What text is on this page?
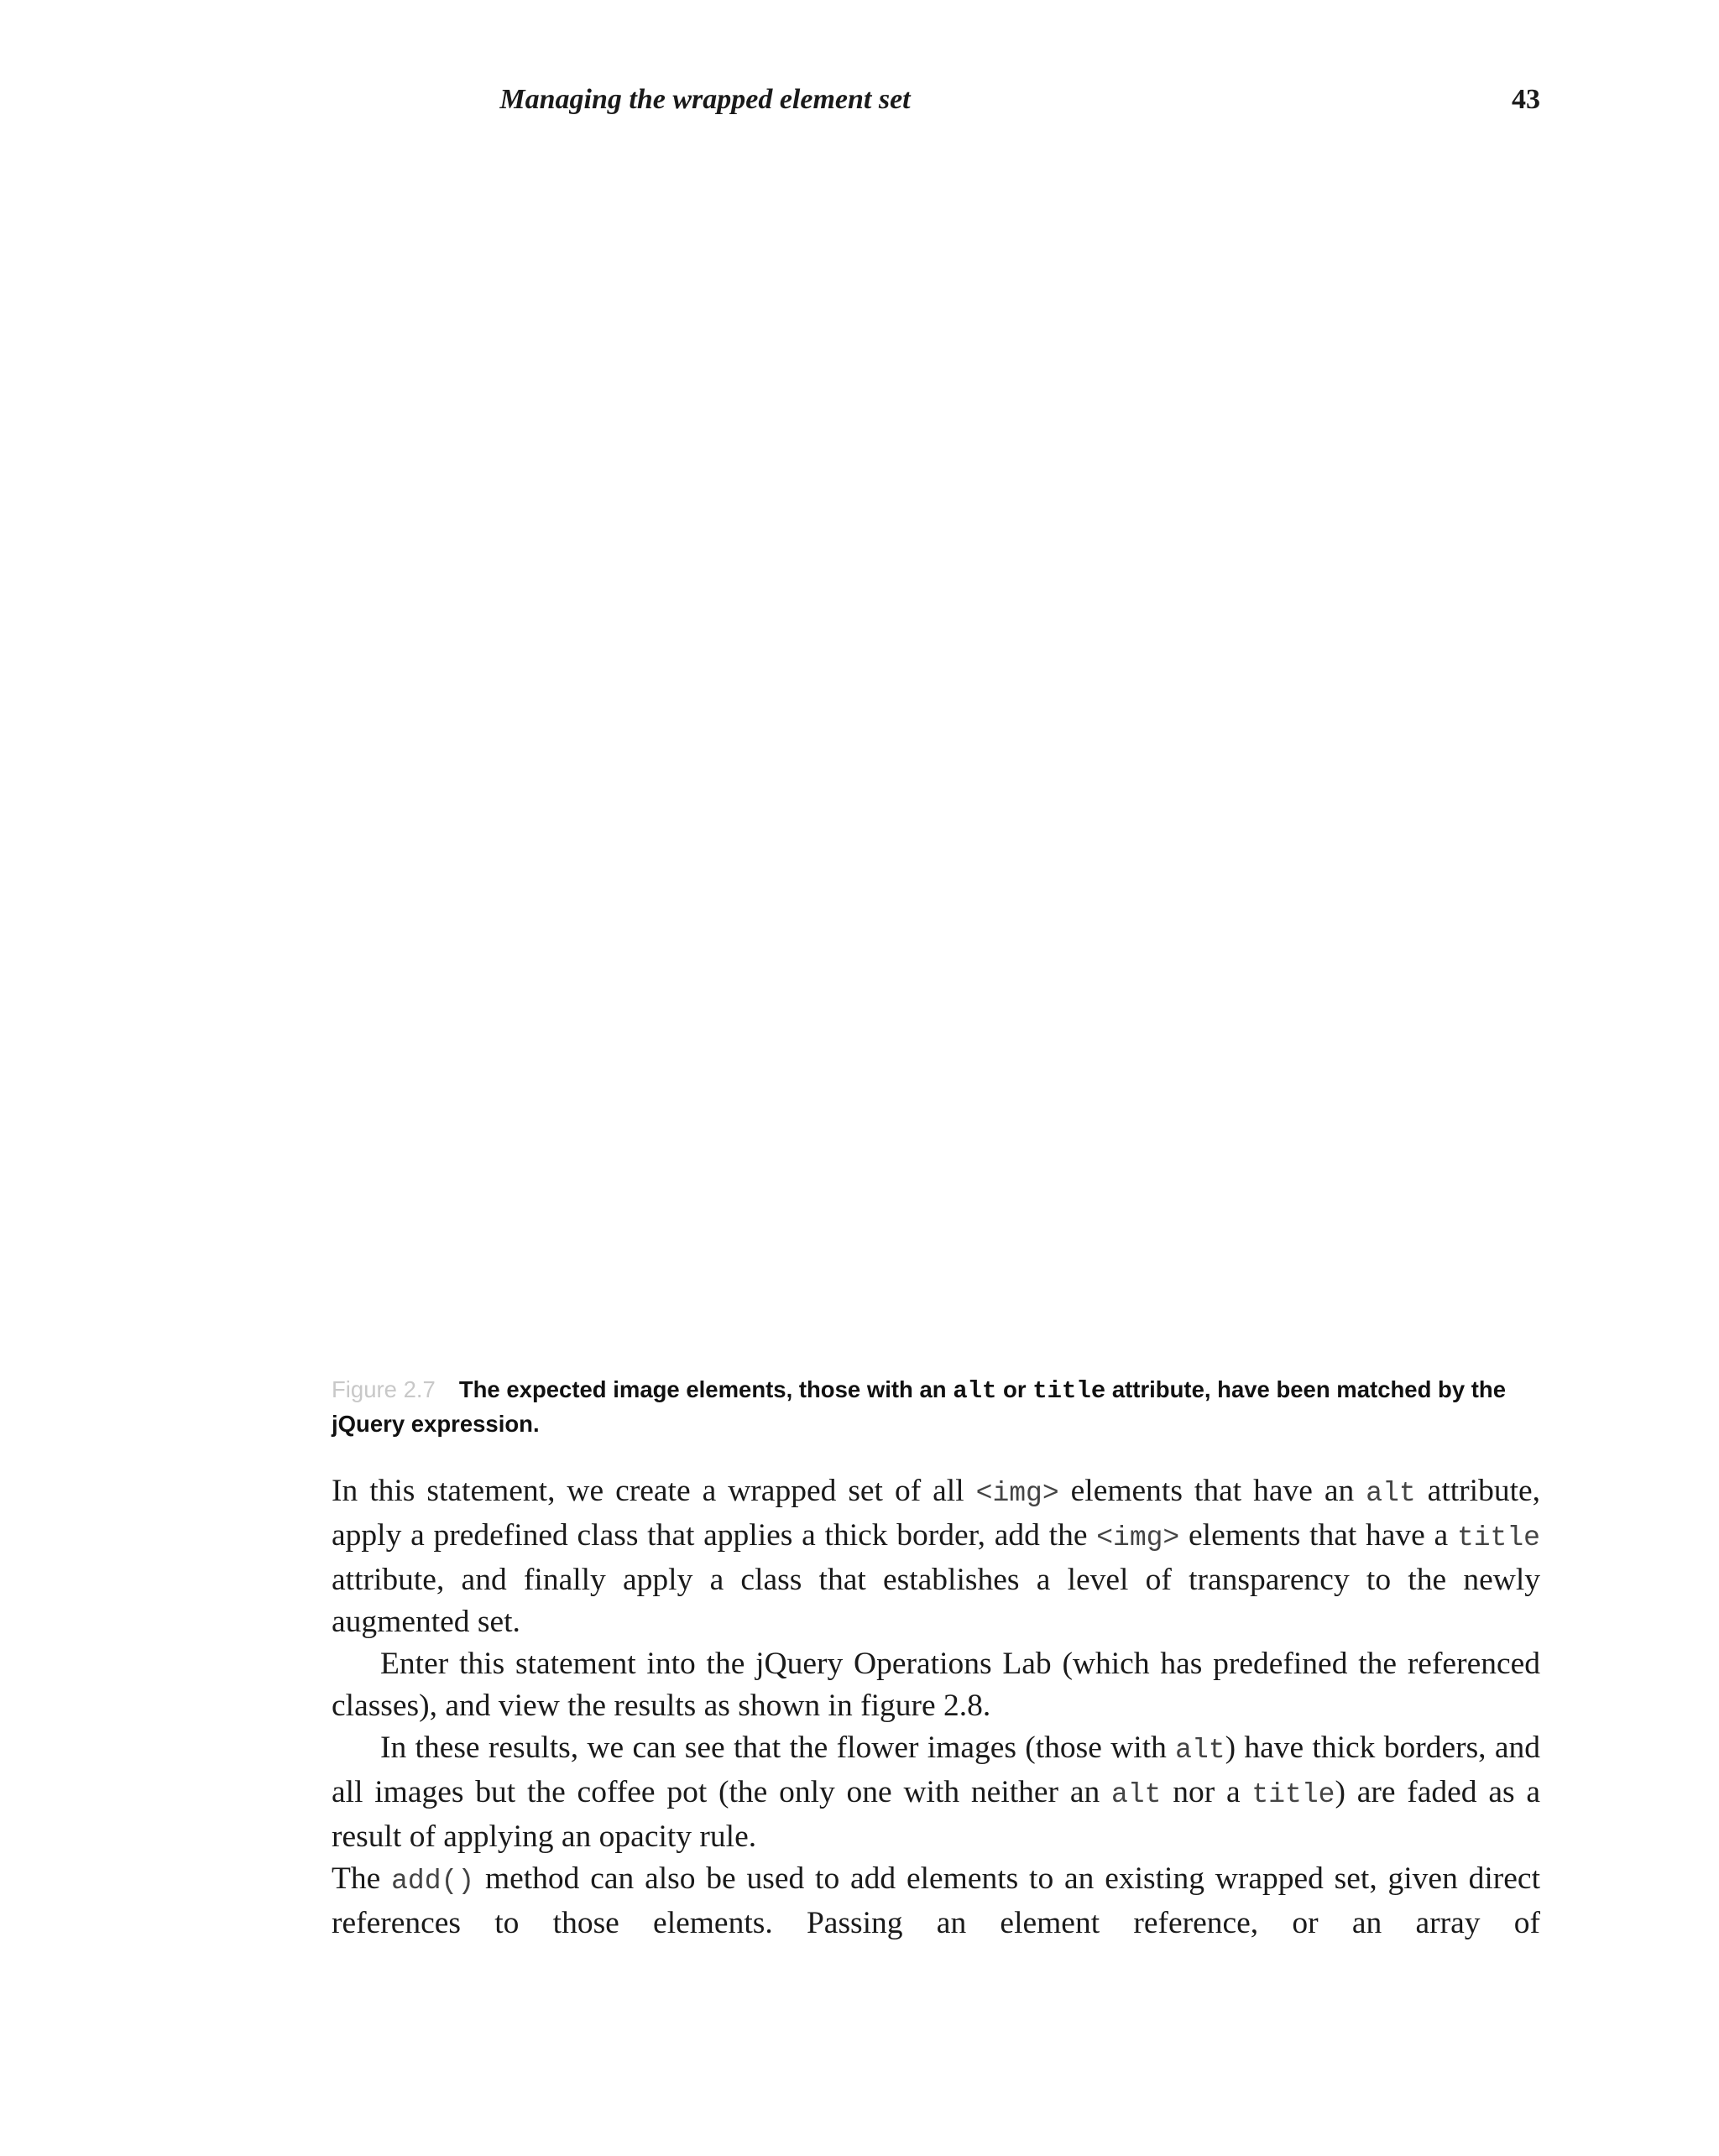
Managing the wrapped element set	43
Figure 2.7 The expected image elements, those with an alt or title attribute, have been matched by the jQuery expression.

In this statement, we create a wrapped set of all <img> elements that have an alt attribute, apply a predefined class that applies a thick border, add the <img> elements that have a title attribute, and finally apply a class that establishes a level of transparency to the newly augmented set.

Enter this statement into the jQuery Operations Lab (which has predefined the referenced classes), and view the results as shown in figure 2.8.

In these results, we can see that the flower images (those with alt) have thick borders, and all images but the coffee pot (the only one with neither an alt nor a title) are faded as a result of applying an opacity rule.

The add() method can also be used to add elements to an existing wrapped set, given direct references to those elements. Passing an element reference, or an array of
